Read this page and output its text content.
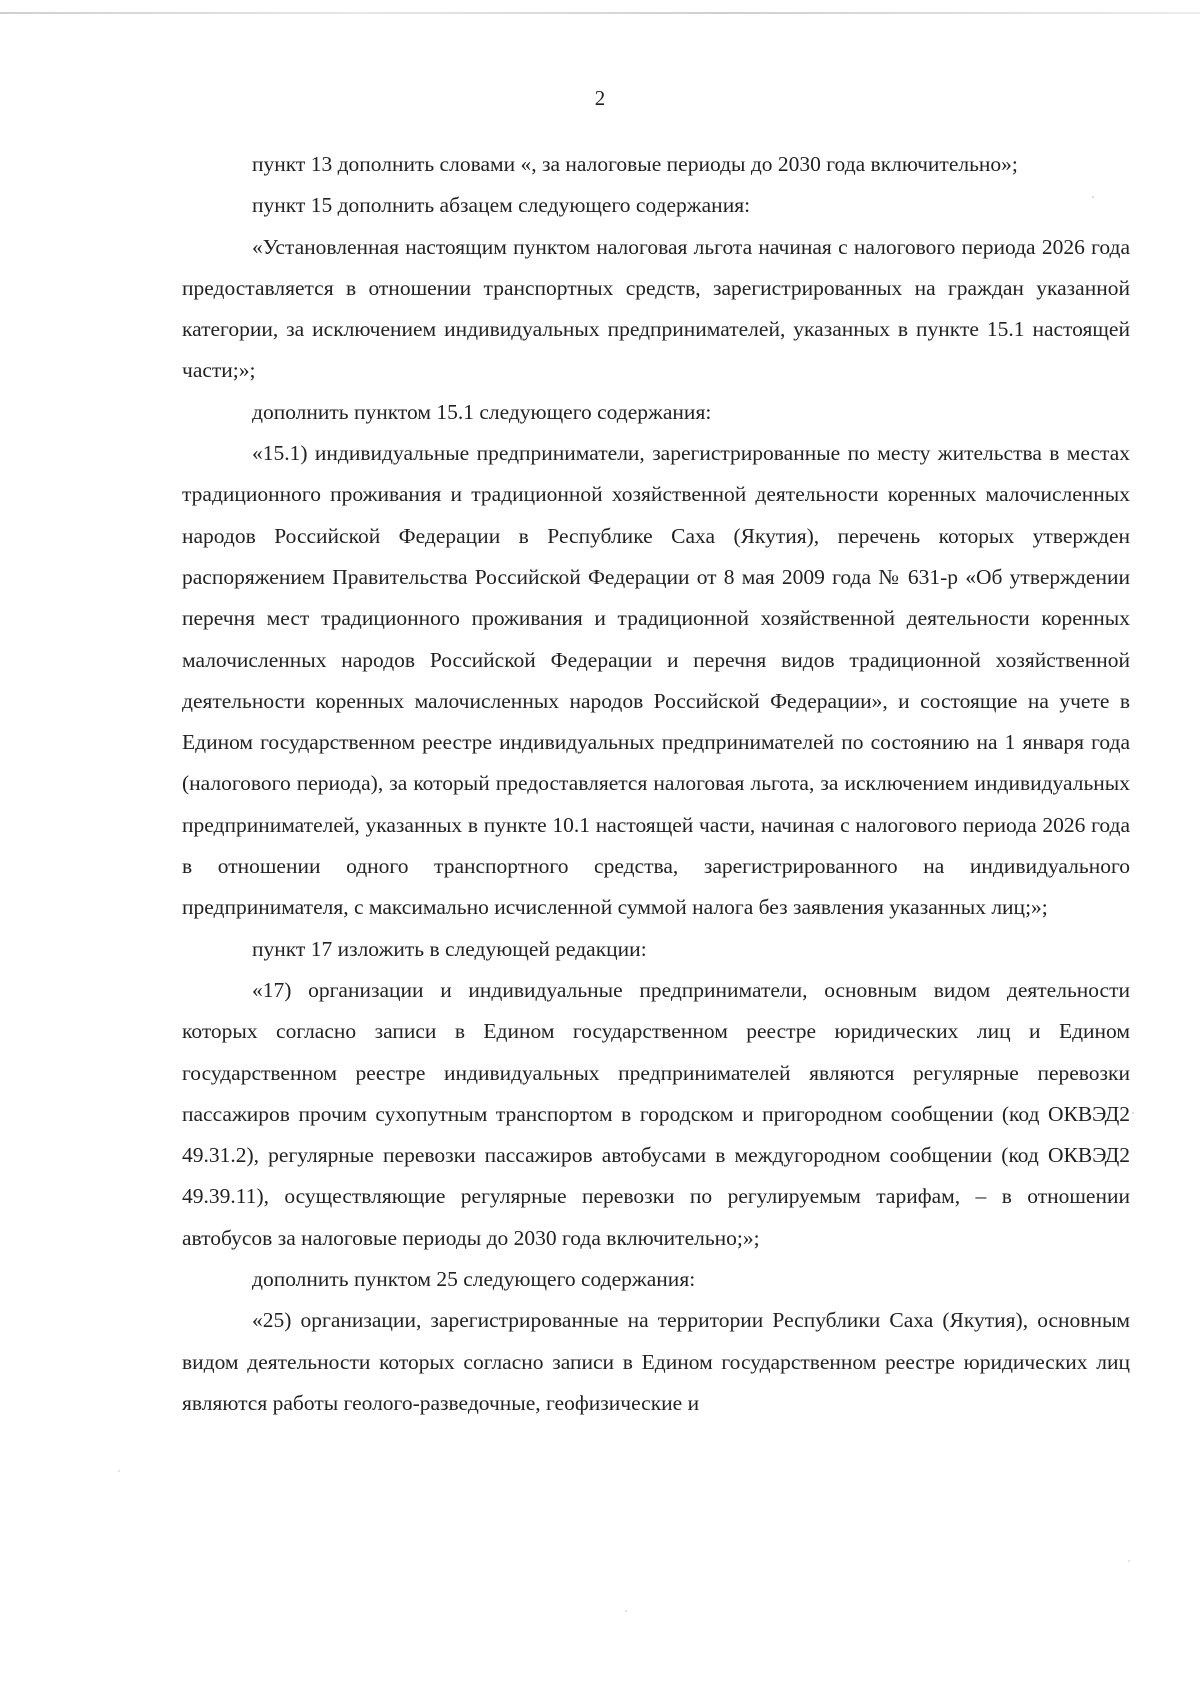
2

пункт 13 дополнить словами «, за налоговые периоды до 2030 года включительно»;

пункт 15 дополнить абзацем следующего содержания:

«Установленная настоящим пунктом налоговая льгота начиная с налогового периода 2026 года предоставляется в отношении транспортных средств, зарегистрированных на граждан указанной категории, за исключением индивидуальных предпринимателей, указанных в пункте 15.1 настоящей части;»;

дополнить пунктом 15.1 следующего содержания:

«15.1) индивидуальные предприниматели, зарегистрированные по месту жительства в местах традиционного проживания и традиционной хозяйственной деятельности коренных малочисленных народов Российской Федерации в Республике Саха (Якутия), перечень которых утвержден распоряжением Правительства Российской Федерации от 8 мая 2009 года № 631-р «Об утверждении перечня мест традиционного проживания и традиционной хозяйственной деятельности коренных малочисленных народов Российской Федерации и перечня видов традиционной хозяйственной деятельности коренных малочисленных народов Российской Федерации», и состоящие на учете в Едином государственном реестре индивидуальных предпринимателей по состоянию на 1 января года (налогового периода), за который предоставляется налоговая льгота, за исключением индивидуальных предпринимателей, указанных в пункте 10.1 настоящей части, начиная с налогового периода 2026 года в отношении одного транспортного средства, зарегистрированного на индивидуального предпринимателя, с максимально исчисленной суммой налога без заявления указанных лиц;»;

пункт 17 изложить в следующей редакции:

«17) организации и индивидуальные предприниматели, основным видом деятельности которых согласно записи в Едином государственном реестре юридических лиц и Едином государственном реестре индивидуальных предпринимателей являются регулярные перевозки пассажиров прочим сухопутным транспортом в городском и пригородном сообщении (код ОКВЭД2 49.31.2), регулярные перевозки пассажиров автобусами в междугородном сообщении (код ОКВЭД2 49.39.11), осуществляющие регулярные перевозки по регулируемым тарифам, – в отношении автобусов за налоговые периоды до 2030 года включительно;»;

дополнить пунктом 25 следующего содержания:

«25) организации, зарегистрированные на территории Республики Саха (Якутия), основным видом деятельности которых согласно записи в Едином государственном реестре юридических лиц являются работы геолого-разведочные, геофизические и
